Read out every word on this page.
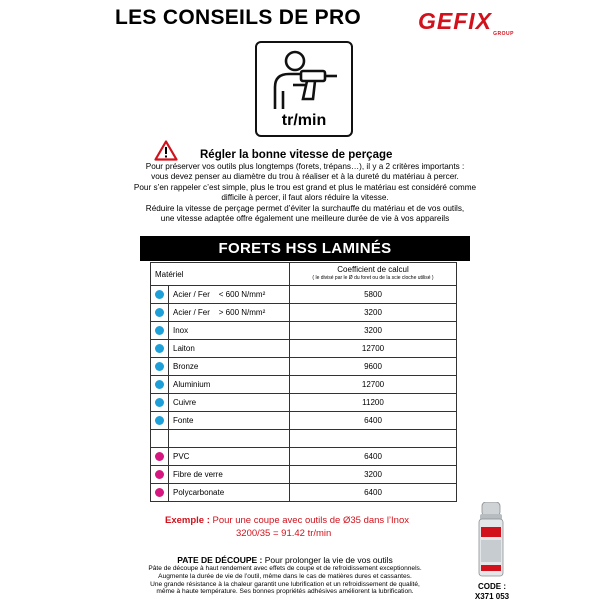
LES CONSEILS DE PRO GEFIX GROUP
tr/min
Régler la bonne vitesse de perçage

Pour préserver vos outils plus longtemps (forets, trépans…), il y a 2 critères importants :

vous devez penser au diamètre du trou à réaliser et à la dureté du matériau à percer.

Pour s’en rappeler c’est simple, plus le trou est grand et plus le matériau est considéré comme

difficile à percer, il faut alors réduire la vitesse.

Réduire la vitesse de perçage permet d’éviter la surchauffe du matériau et de vos outils,

une vitesse adaptée offre également une meilleure durée de vie à vos appareils

FORETS HSS LAMINÉS
Matériel		Coefficient de calcul
( le divisé par le Ø du foret ou de la scie cloche utilisé )

	Acier / Fer    < 600 N/mm²	5800
	Acier / Fer    > 600 N/mm²	3200
	Inox	3200
	Laiton	12700
	Bronze	9600
	Aluminium	12700
	Cuivre	11200
	Fonte	6400

	PVC	6400
	Fibre de verre	3200
	Polycarbonate	6400
Exemple : Pour une coupe avec outils de Ø35 dans l’Inox
3200/35 = 91.42 tr/min

PATE DE DÉCOUPE : Pour prolonger la vie de vos outils

Pâte de découpe à haut rendement avec effets de coupe et de refroidissement exceptionnels.

Augmente la durée de vie de l’outil, même dans le cas de matières dures et cassantes.

Une grande résistance à la chaleur garantit une lubrification et un refroidissement de qualité,

même à haute température. Ses bonnes propriétés adhésives améliorent la lubrification.

CODE :
X371 053
